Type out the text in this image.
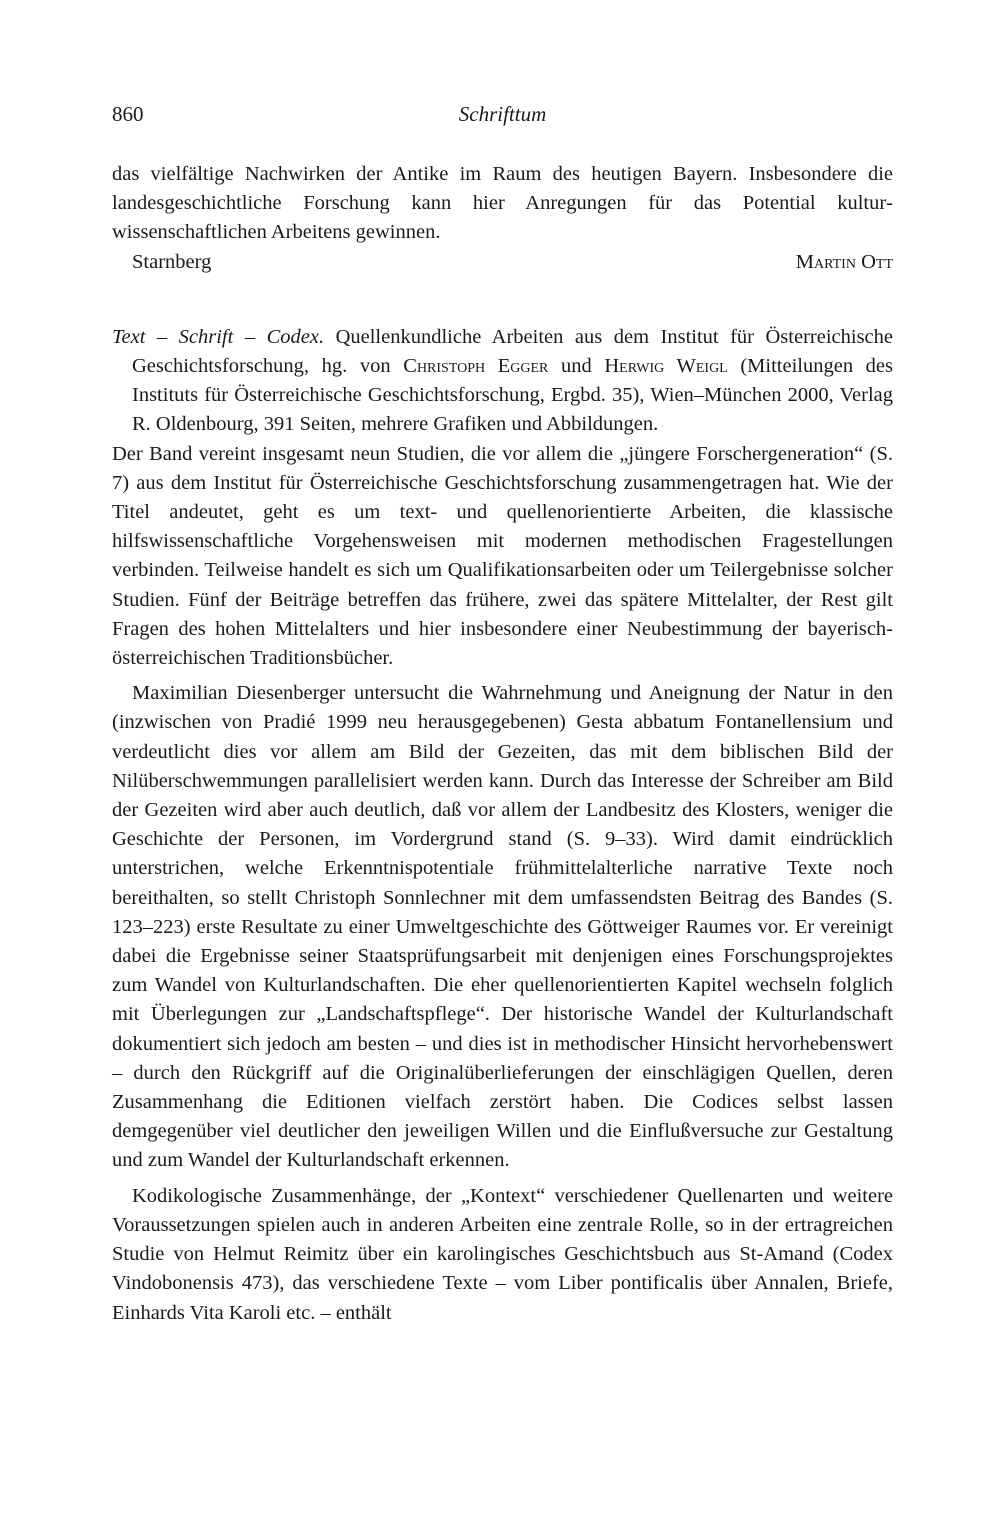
860	Schrifttum

das vielfältige Nachwirken der Antike im Raum des heutigen Bayern. Insbesondere die landesgeschichtliche Forschung kann hier Anregungen für das Potential kulturwissenschaftlichen Arbeitens gewinnen.

Starnberg	Martin Ott

Text – Schrift – Codex. Quellenkundliche Arbeiten aus dem Institut für Österreichische Geschichtsforschung, hg. von Christoph Egger und Herwig Weigl (Mitteilungen des Instituts für Österreichische Geschichtsforschung, Ergbd. 35), Wien–München 2000, Verlag R. Oldenbourg, 391 Seiten, mehrere Grafiken und Abbildungen.

Der Band vereint insgesamt neun Studien, die vor allem die „jüngere Forschergeneration“ (S. 7) aus dem Institut für Österreichische Geschichtsforschung zusammengetragen hat. Wie der Titel andeutet, geht es um text- und quellenorientierte Arbeiten, die klassische hilfswissenschaftliche Vorgehensweisen mit modernen methodischen Fragestellungen verbinden. Teilweise handelt es sich um Qualifikationsarbeiten oder um Teilergebnisse solcher Studien. Fünf der Beiträge betreffen das frühere, zwei das spätere Mittelalter, der Rest gilt Fragen des hohen Mittelalters und hier insbesondere einer Neubestimmung der bayerisch-österreichischen Traditionsbücher.

Maximilian Diesenberger untersucht die Wahrnehmung und Aneignung der Natur in den (inzwischen von Pradié 1999 neu herausgegebenen) Gesta abbatum Fontanellensium und verdeutlicht dies vor allem am Bild der Gezeiten, das mit dem biblischen Bild der Nilüberschwemmungen parallelisiert werden kann. Durch das Interesse der Schreiber am Bild der Gezeiten wird aber auch deutlich, daß vor allem der Landbesitz des Klosters, weniger die Geschichte der Personen, im Vordergrund stand (S. 9–33). Wird damit eindrücklich unterstrichen, welche Erkenntnispotentiale frühmittelalterliche narrative Texte noch bereithalten, so stellt Christoph Sonnlechner mit dem umfassendsten Beitrag des Bandes (S. 123–223) erste Resultate zu einer Umweltgeschichte des Göttweiger Raumes vor. Er vereinigt dabei die Ergebnisse seiner Staatsprüfungsarbeit mit denjenigen eines Forschungsprojektes zum Wandel von Kulturlandschaften. Die eher quellenorientierten Kapitel wechseln folglich mit Überlegungen zur „Landschaftspflege“. Der historische Wandel der Kulturlandschaft dokumentiert sich jedoch am besten – und dies ist in methodischer Hinsicht hervorhebenswert – durch den Rückgriff auf die Originalüberlieferungen der einschlägigen Quellen, deren Zusammenhang die Editionen vielfach zerstört haben. Die Codices selbst lassen demgegenüber viel deutlicher den jeweiligen Willen und die Einflußversuche zur Gestaltung und zum Wandel der Kulturlandschaft erkennen.

Kodikologische Zusammenhänge, der „Kontext“ verschiedener Quellenarten und weitere Voraussetzungen spielen auch in anderen Arbeiten eine zentrale Rolle, so in der ertragreichen Studie von Helmut Reimitz über ein karolingisches Geschichtsbuch aus St-Amand (Codex Vindobonensis 473), das verschiedene Texte – vom Liber pontificalis über Annalen, Briefe, Einhards Vita Karoli etc. – enthält
